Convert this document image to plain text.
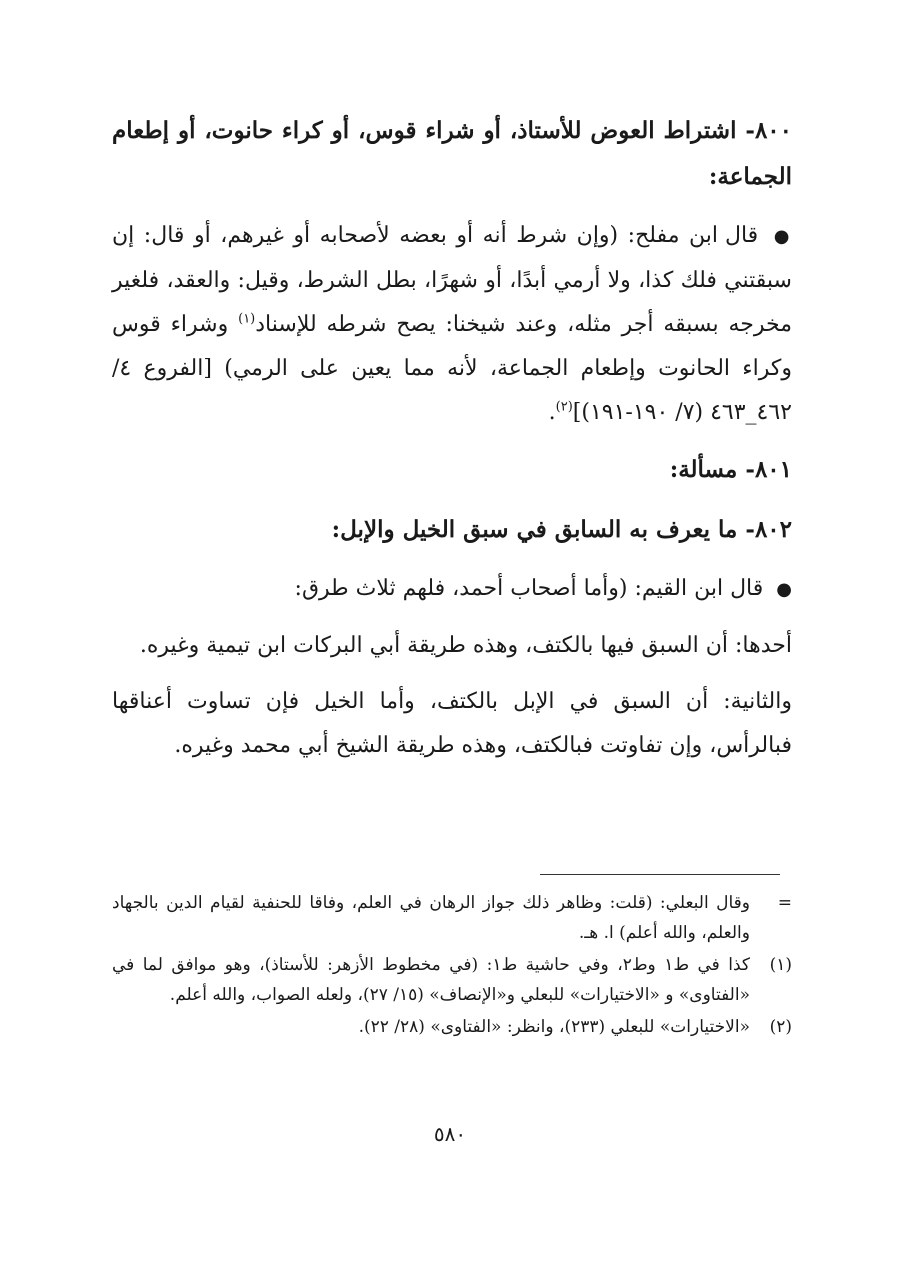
٨٠٠- اشتراط العوض للأستاذ، أو شراء قوس، أو كراء حانوت، أو إطعام الجماعة:
● قال ابن مفلح: (وإن شرط أنه أو بعضه لأصحابه أو غيرهم، أو قال: إن سبقتني فلك كذا، ولا أرمي أبدًا، أو شهرًا، بطل الشرط، وقيل: والعقد، فلغير مخرجه بسبقه أجر مثله، وعند شيخنا: يصح شرطه للإسناد$^{(١)}$ وشراء قوس وكراء الحانوت وإطعام الجماعة، لأنه مما يعين على الرمي) [الفروع ٤/ ٤٦٢_٤٦٣ (٧/ ١٩٠-١٩١)]$^{(٢)}$.
٨٠١- مسألة:
٨٠٢- ما يعرف به السابق في سبق الخيل والإبل:
● قال ابن القيم: (وأما أصحاب أحمد، فلهم ثلاث طرق:
أحدها: أن السبق فيها بالكتف، وهذه طريقة أبي البركات ابن تيمية وغيره.
والثانية: أن السبق في الإبل بالكتف، وأما الخيل فإن تساوت أعناقها فبالرأس، وإن تفاوتت فبالكتف، وهذه طريقة الشيخ أبي محمد وغيره.
=
وقال البعلي: (قلت: وظاهر ذلك جواز الرهان في العلم، وفاقا للحنفية لقيام الدين بالجهاد والعلم، والله أعلم) ا. هـ.
(١)
كذا في ط١ وط٢، وفي حاشية ط١: (في مخطوط الأزهر: للأستاذ)، وهو موافق لما في «الفتاوى» و «الاختيارات» للبعلي و«الإنصاف» (١٥/ ٢٧)، ولعله الصواب، والله أعلم.
(٢)
«الاختيارات» للبعلي (٢٣٣)، وانظر: «الفتاوى» (٢٨/ ٢٢).
٥٨٠
